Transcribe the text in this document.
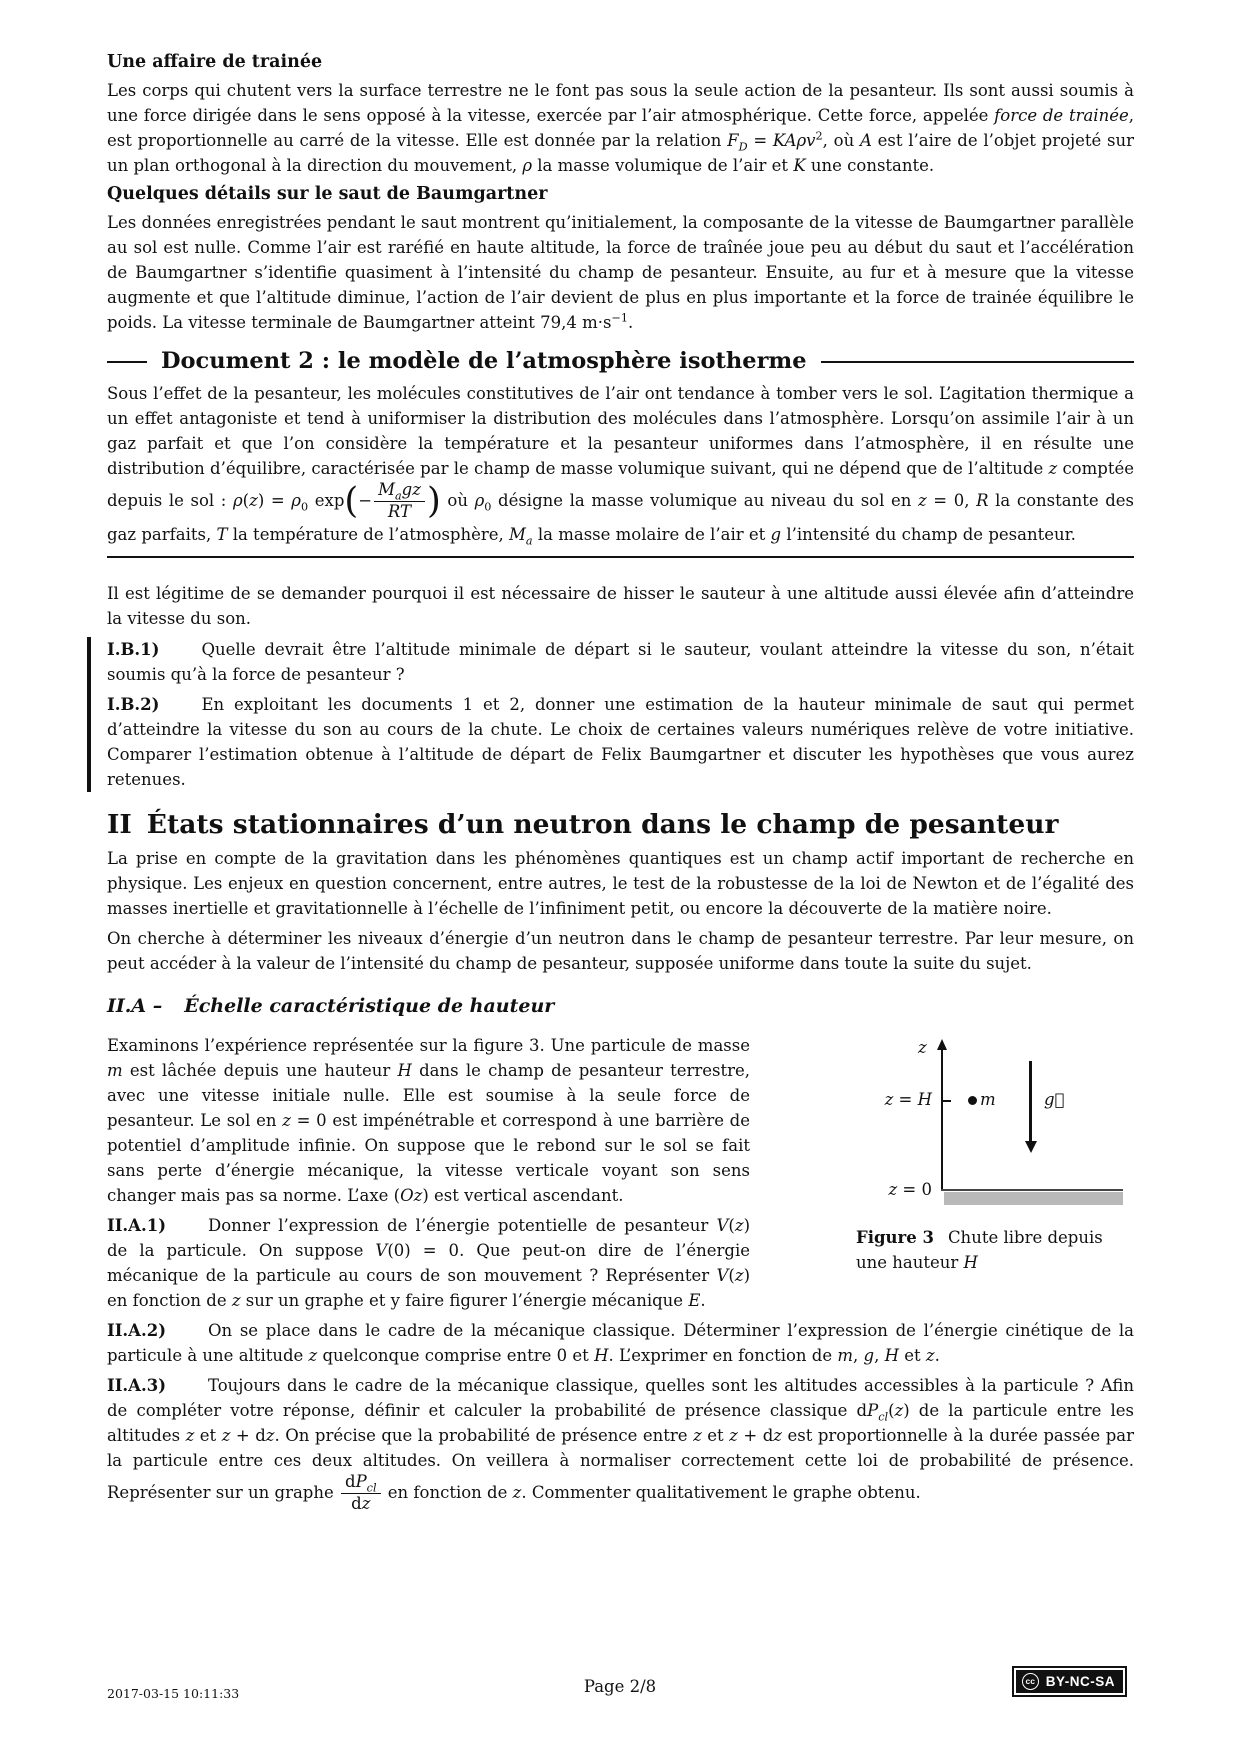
Une affaire de trainée

Les corps qui chutent vers la surface terrestre ne le font pas sous la seule action de la pesanteur. Ils sont aussi soumis à une force dirigée dans le sens opposé à la vitesse, exercée par l’air atmosphérique. Cette force, appelée force de trainée, est proportionnelle au carré de la vitesse. Elle est donnée par la relation $F_D = KA\rho v^2$, où A est l’aire de l’objet projeté sur un plan orthogonal à la direction du mouvement, ρ la masse volumique de l’air et K une constante.

Quelques détails sur le saut de Baumgartner

Les données enregistrées pendant le saut montrent qu’initialement, la composante de la vitesse de Baumgartner parallèle au sol est nulle. Comme l’air est raréfié en haute altitude, la force de traînée joue peu au début du saut et l’accélération de Baumgartner s’identifie quasiment à l’intensité du champ de pesanteur. Ensuite, au fur et à mesure que la vitesse augmente et que l’altitude diminue, l’action de l’air devient de plus en plus importante et la force de trainée équilibre le poids. La vitesse terminale de Baumgartner atteint 79,4 $m\cdot s^{-1}$.

Document 2 : le modèle de l’atmosphère isotherme

Sous l’effet de la pesanteur, les molécules constitutives de l’air ont tendance à tomber vers le sol. L’agitation thermique a un effet antagoniste et tend à uniformiser la distribution des molécules dans l’atmosphère. Lorsqu’on assimile l’air à un gaz parfait et que l’on considère la température et la pesanteur uniformes dans l’atmosphère, il en résulte une distribution d’équilibre, caractérisée par le champ de masse volumique suivant, qui ne dépend que de l’altitude z comptée depuis le sol : $\rho(z) = \rho_0$ $\exp(- \frac{M_agz}{RT}$ ) où $\rho_0$ désigne la masse volumique au niveau du sol en z = 0, R la constante des gaz parfaits, T la température de l’atmosphère, $M_a$ la masse molaire de l’air et g l’intensité du champ de pesanteur.

Il est légitime de se demander pourquoi il est nécessaire de hisser le sauteur à une altitude aussi élevée afin d’atteindre la vitesse du son.

I.B.1)	Quelle devrait être l’altitude minimale de départ si le sauteur, voulant atteindre la vitesse du son, n’était soumis qu’à la force de pesanteur ?

I.B.2)	En exploitant les documents 1 et 2, donner une estimation de la hauteur minimale de saut qui permet d’atteindre la vitesse du son au cours de la chute. Le choix de certaines valeurs numériques relève de votre initiative. Comparer l’estimation obtenue à l’altitude de départ de Felix Baumgartner et discuter les hypothèses que vous aurez retenues.

II États stationnaires d’un neutron dans le champ de pesanteur

La prise en compte de la gravitation dans les phénomènes quantiques est un champ actif important de recherche en physique. Les enjeux en question concernent, entre autres, le test de la robustesse de la loi de Newton et de l’égalité des masses inertielle et gravitationnelle à l’échelle de l’infiniment petit, ou encore la découverte de la matière noire.

On cherche à déterminer les niveaux d’énergie d’un neutron dans le champ de pesanteur terrestre. Par leur mesure, on peut accéder à la valeur de l’intensité du champ de pesanteur, supposée uniforme dans toute la suite du sujet.

II.A – Échelle caractéristique de hauteur
z
z = H	m	g⃗
z = 0
Figure 3 Chute libre depuis une hauteur H

Examinons l’expérience représentée sur la figure 3. Une particule de masse m est lâchée depuis une hauteur H dans le champ de pesanteur terrestre, avec une vitesse initiale nulle. Elle est soumise à la seule force de pesanteur. Le sol en z = 0 est impénétrable et correspond à une barrière de potentiel d’amplitude infinie. On suppose que le rebond sur le sol se fait sans perte d’énergie mécanique, la vitesse verticale voyant son sens changer mais pas sa norme. L’axe (Oz) est vertical ascendant.

II.A.1)	Donner l’expression de l’énergie potentielle de pesanteur V(z) de la particule. On suppose V(0) = 0. Que peut-on dire de l’énergie mécanique de la particule au cours de son mouvement ? Représenter V(z) en fonction de z sur un graphe et y faire figurer l’énergie mécanique E.

II.A.2)	On se place dans le cadre de la mécanique classique. Déterminer l’expression de l’énergie cinétique de la particule à une altitude z quelconque comprise entre 0 et H. L’exprimer en fonction de m, g, H et z.

II.A.3)	Toujours dans le cadre de la mécanique classique, quelles sont les altitudes accessibles à la particule ? Afin de compléter votre réponse, définir et calculer la probabilité de présence classique $dP_{cl}(z)$ de la particule entre les altitudes z et z + dz. On précise que la probabilité de présence entre z et z + dz est proportionnelle à la durée passée par la particule entre ces deux altitudes. On veillera à normaliser correctement cette loi de probabilité de présence. Représenter sur un graphe $\frac{dP_{cl}}{dz}$ en fonction de z. Commenter qualitativement le graphe obtenu.

2017-03-15 10:11:33	Page 2/8	cc BY-NC-SA
